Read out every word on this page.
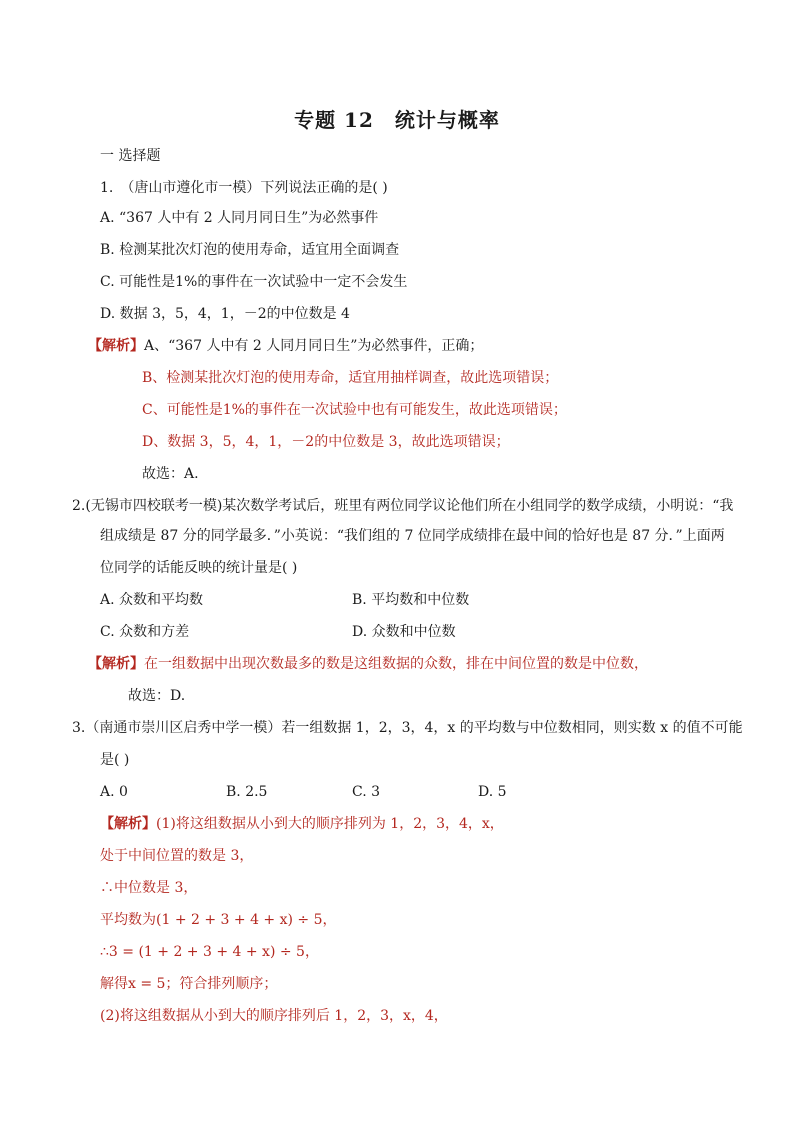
专题 12　统计与概率
一 选择题
1.　（唐山市遵化市一模）下列说法正确的是( )
A. “367 人中有 2 人同月同日生”为必然事件
B. 检测某批次灯泡的使用寿命，适宜用全面调查
C. 可能性是1%的事件在一次试验中一定不会发生
D. 数据 3，5，4，1，－2的中位数是 4
【解析】A、“367 人中有 2 人同月同日生”为必然事件，正确；
B、检测某批次灯泡的使用寿命，适宜用抽样调查，故此选项错误；
C、可能性是1%的事件在一次试验中也有可能发生，故此选项错误；
D、数据 3，5，4，1，－2的中位数是 3，故此选项错误；
故选：A.
2.(无锡市四校联考一模)某次数学考试后，班里有两位同学议论他们所在小组同学的数学成绩，小明说：“我
组成绩是 87 分的同学最多．”小英说：“我们组的 7 位同学成绩排在最中间的恰好也是 87 分．”上面两
位同学的话能反映的统计量是( )
A. 众数和平均数	B. 平均数和中位数
C. 众数和方差	D. 众数和中位数
【解析】在一组数据中出现次数最多的数是这组数据的众数，排在中间位置的数是中位数，
故选：D.
3.（南通市崇川区启秀中学一模）若一组数据 1，2，3，4，x 的平均数与中位数相同，则实数 x 的值不可能
是( )
A. 0	B. 2.5	C. 3	D. 5
【解析】(1)将这组数据从小到大的顺序排列为 1，2，3，4，x，
处于中间位置的数是 3，
∴中位数是 3，
平均数为(1 + 2 + 3 + 4 + x) ÷ 5，
∴3 = (1 + 2 + 3 + 4 + x) ÷ 5，
解得x = 5；符合排列顺序；
(2)将这组数据从小到大的顺序排列后 1，2，3，x，4，
